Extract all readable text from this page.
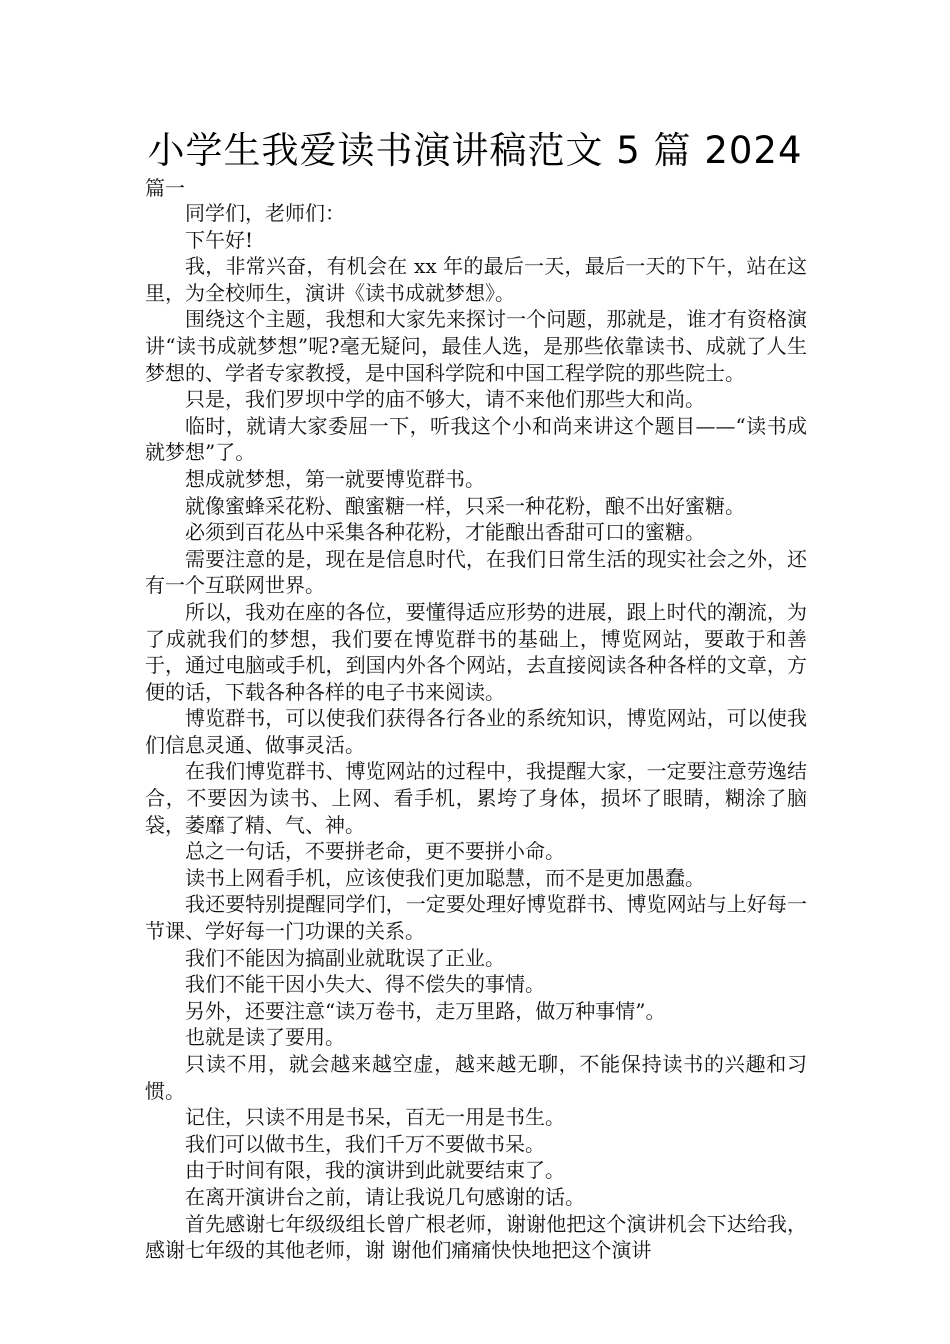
小学生我爱读书演讲稿范文 5 篇 2024
篇一

同学们，老师们：

下午好!

我，非常兴奋，有机会在 xx 年的最后一天，最后一天的下午，站在这里，为全校师生，演讲《读书成就梦想》。

围绕这个主题，我想和大家先来探讨一个问题，那就是，谁才有资格演讲“读书成就梦想”呢?毫无疑问，最佳人选，是那些依靠读书、成就了人生梦想的、学者专家教授，是中国科学院和中国工程学院的那些院士。

只是，我们罗坝中学的庙不够大，请不来他们那些大和尚。

临时，就请大家委屈一下，听我这个小和尚来讲这个题目——“读书成就梦想”了。

想成就梦想，第一就要博览群书。

就像蜜蜂采花粉、酿蜜糖一样，只采一种花粉，酿不出好蜜糖。

必须到百花丛中采集各种花粉，才能酿出香甜可口的蜜糖。

需要注意的是，现在是信息时代，在我们日常生活的现实社会之外，还有一个互联网世界。

所以，我劝在座的各位，要懂得适应形势的进展，跟上时代的潮流，为了成就我们的梦想，我们要在博览群书的基础上，博览网站，要敢于和善于，通过电脑或手机，到国内外各个网站，去直接阅读各种各样的文章，方便的话，下载各种各样的电子书来阅读。

博览群书，可以使我们获得各行各业的系统知识，博览网站，可以使我们信息灵通、做事灵活。

在我们博览群书、博览网站的过程中，我提醒大家，一定要注意劳逸结合，不要因为读书、上网、看手机，累垮了身体，损坏了眼睛，糊涂了脑袋，萎靡了精、气、神。

总之一句话，不要拼老命，更不要拼小命。

读书上网看手机，应该使我们更加聪慧，而不是更加愚蠢。

我还要特别提醒同学们，一定要处理好博览群书、博览网站与上好每一节课、学好每一门功课的关系。

我们不能因为搞副业就耽误了正业。

我们不能干因小失大、得不偿失的事情。

另外，还要注意“读万卷书，走万里路，做万种事情”。

也就是读了要用。

只读不用，就会越来越空虚，越来越无聊，不能保持读书的兴趣和习惯。

记住，只读不用是书呆，百无一用是书生。

我们可以做书生，我们千万不要做书呆。

由于时间有限，我的演讲到此就要结束了。

在离开演讲台之前，请让我说几句感谢的话。

首先感谢七年级级组长曾广根老师，谢谢他把这个演讲机会下达给我，感谢七年级的其他老师，谢 谢他们痛痛快快地把这个演讲
